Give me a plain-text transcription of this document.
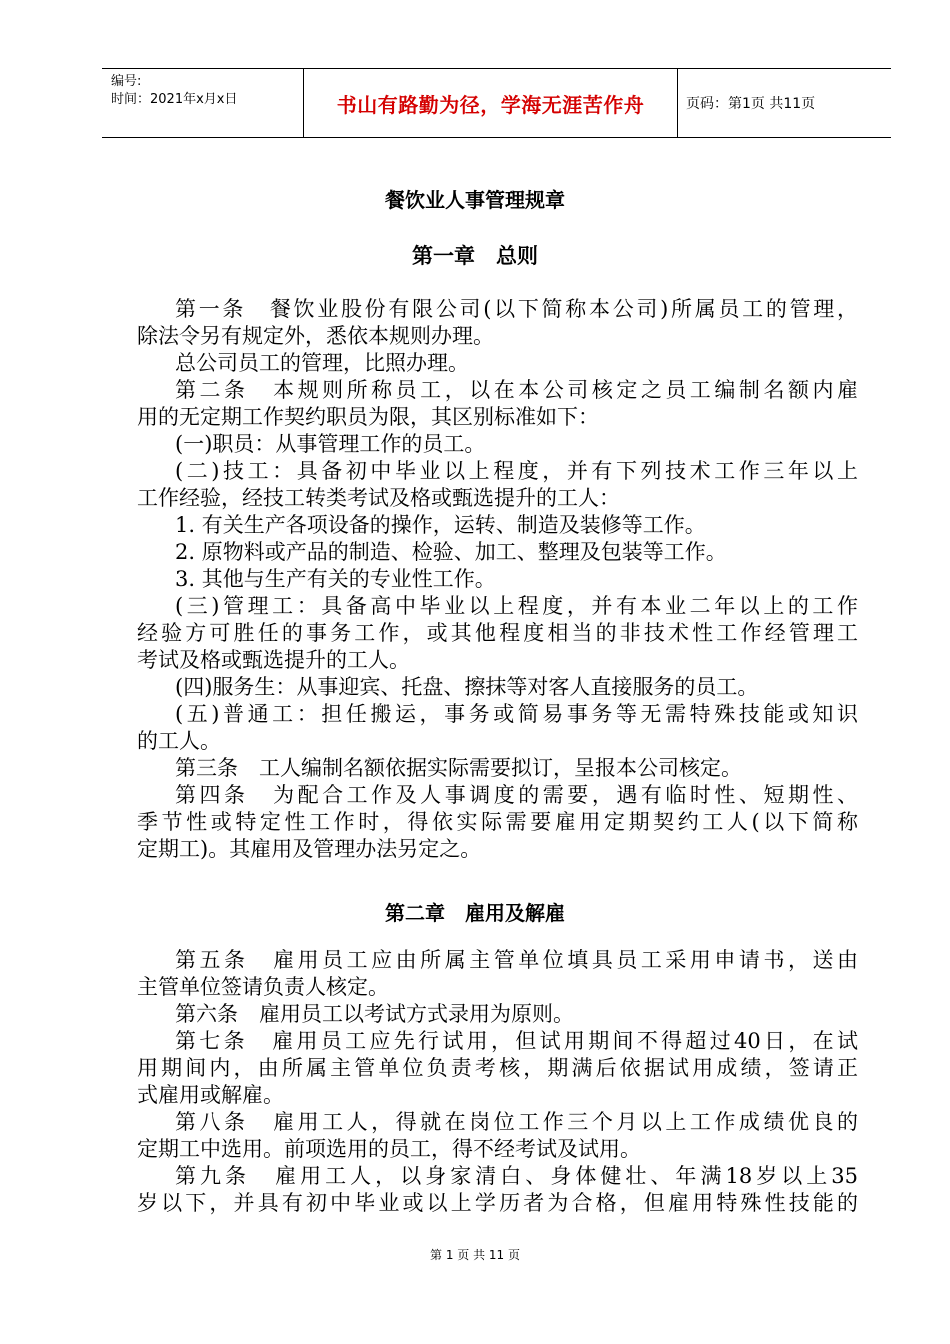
编号:
时间：2021年x月x日	书山有路勤为径，学海无涯苦作舟	页码：第1页 共11页
餐饮业人事管理规章
第一章　总则
第一条　餐饮业股份有限公司(以下简称本公司)所属员工的管理，
除法令另有规定外，悉依本规则办理。
总公司员工的管理，比照办理。
第二条　本规则所称员工，以在本公司核定之员工编制名额内雇
用的无定期工作契约职员为限，其区别标准如下：
(一)职员：从事管理工作的员工。
(二)技工：具备初中毕业以上程度，并有下列技术工作三年以上
工作经验，经技工转类考试及格或甄选提升的工人：
1. 有关生产各项设备的操作，运转、制造及装修等工作。
2. 原物料或产品的制造、检验、加工、整理及包装等工作。
3. 其他与生产有关的专业性工作。
(三)管理工：具备高中毕业以上程度，并有本业二年以上的工作
经验方可胜任的事务工作，或其他程度相当的非技术性工作经管理工
考试及格或甄选提升的工人。
(四)服务生：从事迎宾、托盘、擦抹等对客人直接服务的员工。
(五)普通工：担任搬运，事务或简易事务等无需特殊技能或知识
的工人。
第三条　工人编制名额依据实际需要拟订，呈报本公司核定。
第四条　为配合工作及人事调度的需要，遇有临时性、短期性、
季节性或特定性工作时，得依实际需要雇用定期契约工人(以下简称
定期工)。其雇用及管理办法另定之。
第二章　雇用及解雇
第五条　雇用员工应由所属主管单位填具员工采用申请书，送由
主管单位签请负责人核定。
第六条　雇用员工以考试方式录用为原则。
第七条　雇用员工应先行试用，但试用期间不得超过40日，在试
用期间内，由所属主管单位负责考核，期满后依据试用成绩，签请正
式雇用或解雇。
第八条　雇用工人，得就在岗位工作三个月以上工作成绩优良的
定期工中选用。前项选用的员工，得不经考试及试用。
第九条　雇用工人，以身家清白、身体健壮、年满18岁以上35
岁以下，并具有初中毕业或以上学历者为合格，但雇用特殊性技能的
第 1 页 共 11 页
